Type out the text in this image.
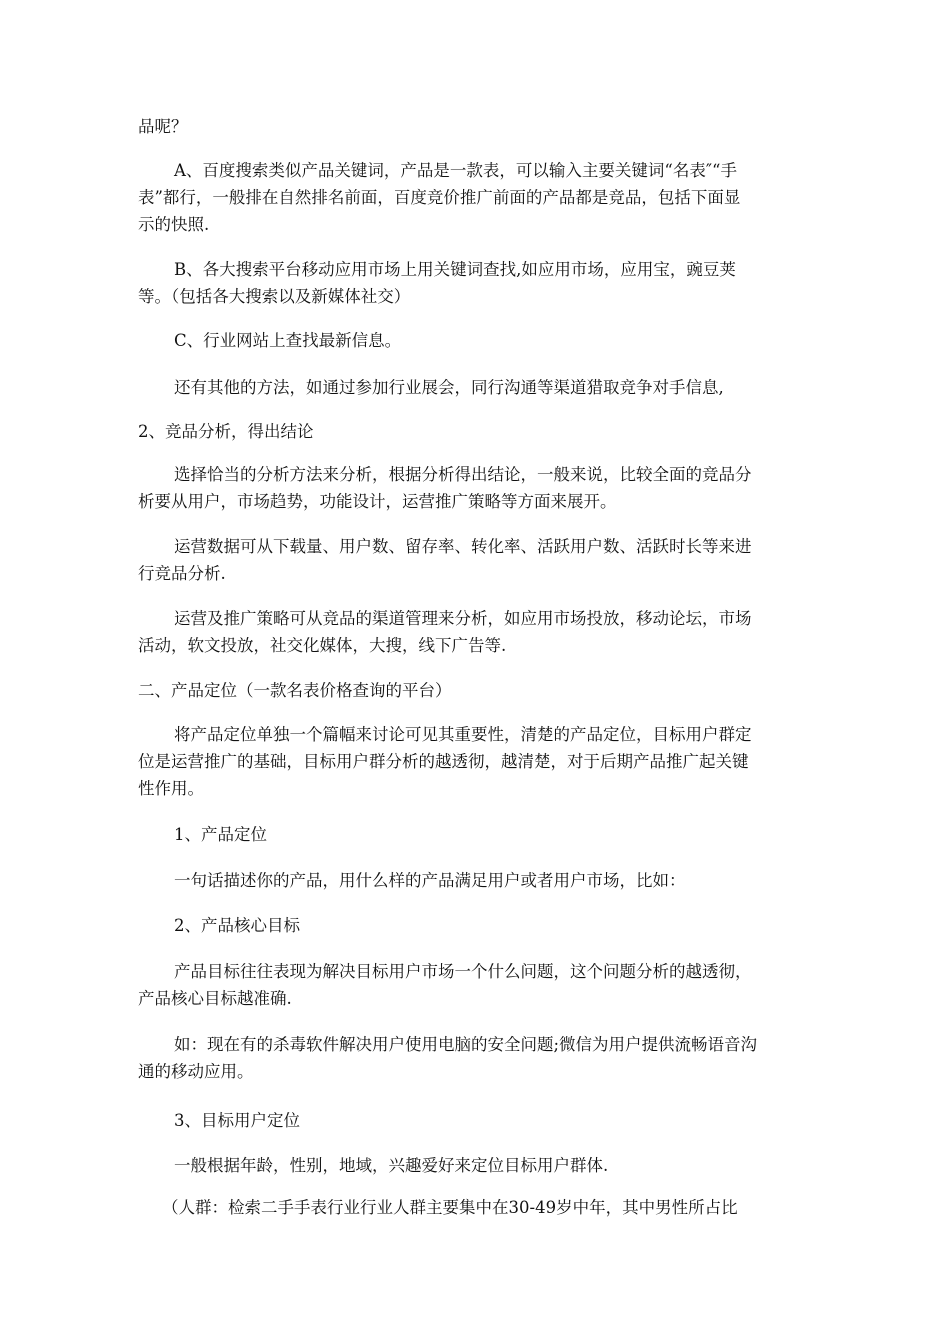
品呢？

A、百度搜索类似产品关键词，产品是一款表，可以输入主要关键词“名表″“手
表”都行，一般排在自然排名前面，百度竞价推广前面的产品都是竞品，包括下面显
示的快照.

B、各大搜索平台移动应用市场上用关键词查找,如应用市场，应用宝，豌豆荚
等。（包括各大搜索以及新媒体社交）

C、行业网站上查找最新信息。

还有其他的方法，如通过参加行业展会，同行沟通等渠道猎取竞争对手信息,

2、竞品分析，得出结论

选择恰当的分析方法来分析，根据分析得出结论，一般来说，比较全面的竞品分
析要从用户，市场趋势，功能设计，运营推广策略等方面来展开。

运营数据可从下载量、用户数、留存率、转化率、活跃用户数、活跃时长等来进
行竞品分析.

运营及推广策略可从竞品的渠道管理来分析，如应用市场投放，移动论坛，市场
活动，软文投放，社交化媒体，大搜，线下广告等.

二、产品定位（一款名表价格查询的平台）

将产品定位单独一个篇幅来讨论可见其重要性，清楚的产品定位，目标用户群定
位是运营推广的基础，目标用户群分析的越透彻，越清楚，对于后期产品推广起关键
性作用。

1、产品定位

一句话描述你的产品，用什么样的产品满足用户或者用户市场，比如：

2、产品核心目标

产品目标往往表现为解决目标用户市场一个什么问题，这个问题分析的越透彻，
产品核心目标越准确.

如：现在有的杀毒软件解决用户使用电脑的安全问题;微信为用户提供流畅语音沟
通的移动应用。

3、目标用户定位

一般根据年龄，性别，地域，兴趣爱好来定位目标用户群体.

（人群：检索二手手表行业行业人群主要集中在30-49岁中年，其中男性所占比
